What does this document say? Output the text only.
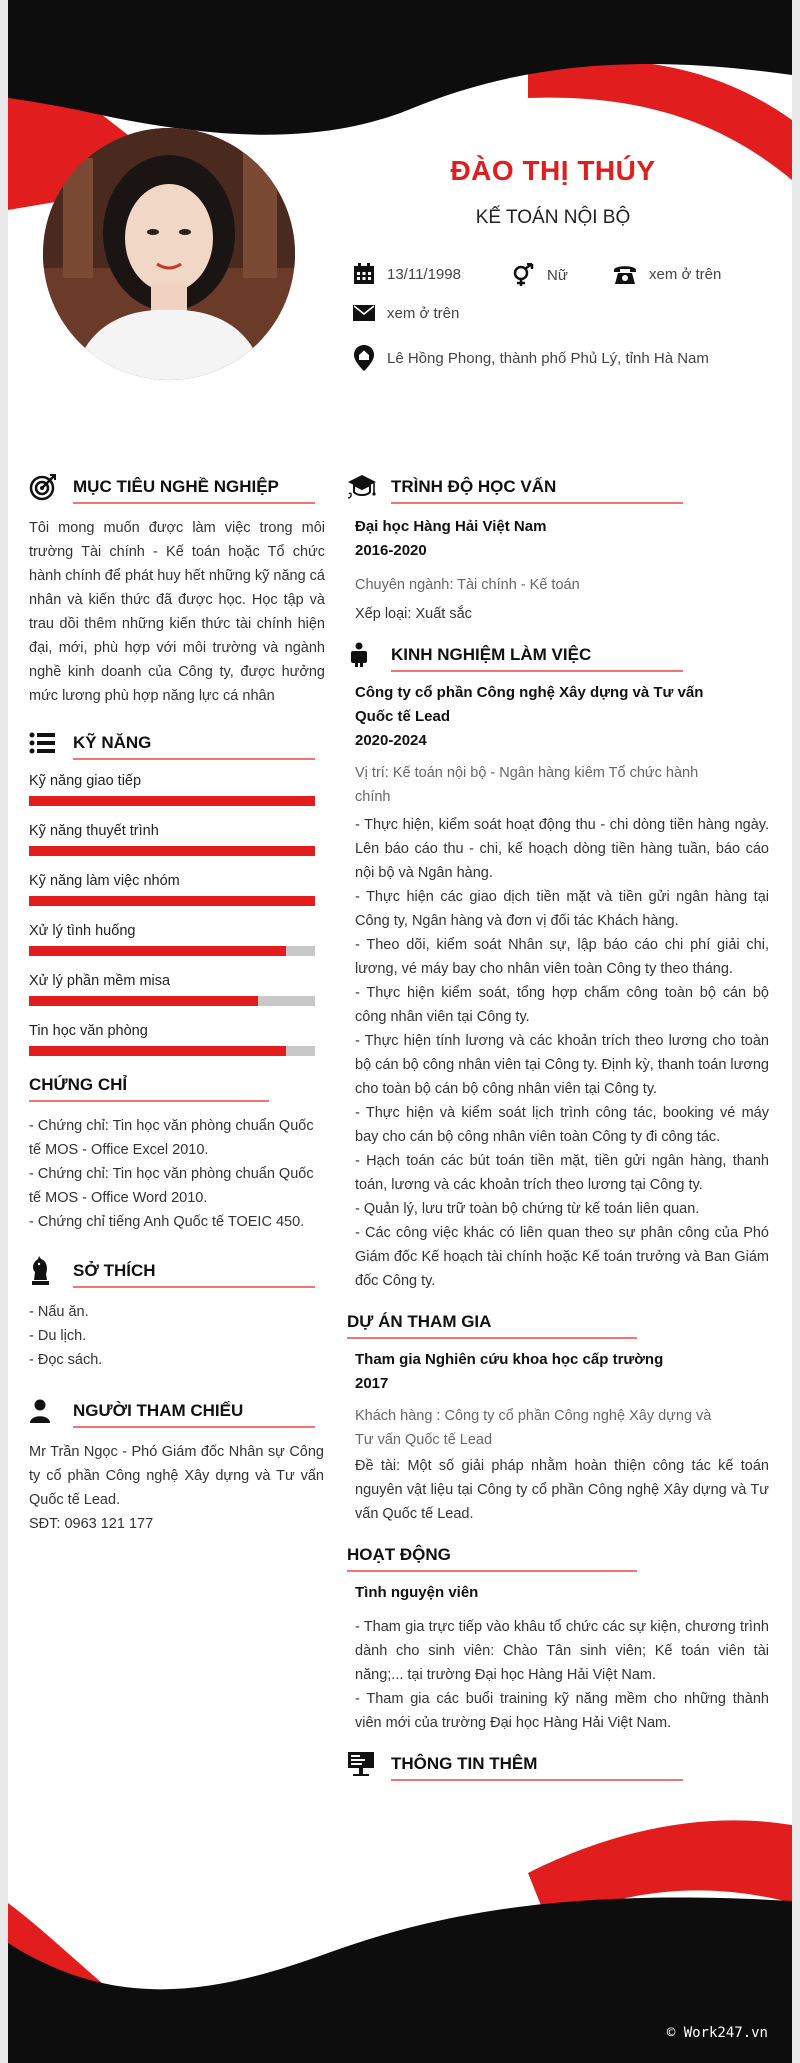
ĐÀO THỊ THÚY
KẾ TOÁN NỘI BỘ
13/11/1998	Nữ	xem ở trên
xem ở trên
Lê Hồng Phong, thành phố Phủ Lý, tỉnh Hà Nam
MỤC TIÊU NGHỀ NGHIỆP

Tôi mong muốn được làm việc trong môi trường Tài chính - Kế toán hoặc Tổ chức hành chính để phát huy hết những kỹ năng cá nhân và kiến thức đã được học. Học tập và trau dồi thêm những kiến thức tài chính hiện đại, mới, phù hợp với môi trường và ngành nghề kinh doanh của Công ty, được hưởng mức lương phù hợp năng lực cá nhân

KỸ NĂNG
Kỹ năng giao tiếp
Kỹ năng thuyết trình
Kỹ năng làm việc nhóm
Xử lý tình huống
Xử lý phần mềm misa
Tin học văn phòng
CHỨNG CHỈ

- Chứng chỉ: Tin học văn phòng chuẩn Quốc tế MOS - Office Excel 2010.

- Chứng chỉ: Tin học văn phòng chuẩn Quốc tế MOS - Office Word 2010.

- Chứng chỉ tiếng Anh Quốc tế TOEIC 450.

SỞ THÍCH

- Nấu ăn.

- Du lịch.

- Đọc sách.

NGƯỜI THAM CHIẾU

Mr Trần Ngọc - Phó Giám đốc Nhân sự Công ty cổ phần Công nghệ Xây dựng và Tư vấn Quốc tế Lead.

SĐT: 0963 121 177

TRÌNH ĐỘ HỌC VẤN

Đại học Hàng Hải Việt Nam

2016-2020

Chuyên ngành: Tài chính - Kế toán

Xếp loại: Xuất sắc

KINH NGHIỆM LÀM VIỆC

Công ty cổ phần Công nghệ Xây dựng và Tư vấn Quốc tế Lead

2020-2024

Vị trí: Kế toán nội bộ - Ngân hàng kiêm Tổ chức hành chính

- Thực hiện, kiểm soát hoạt động thu - chi dòng tiền hàng ngày. Lên báo cáo thu - chi, kế hoạch dòng tiền hàng tuần, báo cáo nội bộ và Ngân hàng.

- Thực hiện các giao dịch tiền mặt và tiền gửi ngân hàng tại Công ty, Ngân hàng và đơn vị đối tác Khách hàng.

- Theo dõi, kiểm soát Nhân sự, lập báo cáo chi phí giải chi, lương, vé máy bay cho nhân viên toàn Công ty theo tháng.

- Thực hiện kiểm soát, tổng hợp chấm công toàn bộ cán bộ công nhân viên tại Công ty.

- Thực hiện tính lương và các khoản trích theo lương cho toàn bộ cán bộ công nhân viên tại Công ty. Định kỳ, thanh toán lương cho toàn bộ cán bộ công nhân viên tại Công ty.

- Thực hiện và kiểm soát lịch trình công tác, booking vé máy bay cho cán bộ công nhân viên toàn Công ty đi công tác.

- Hạch toán các bút toán tiền mặt, tiền gửi ngân hàng, thanh toán, lương và các khoản trích theo lương tại Công ty.

- Quản lý, lưu trữ toàn bộ chứng từ kế toán liên quan.

- Các công việc khác có liên quan theo sự phân công của Phó Giám đốc Kế hoạch tài chính hoặc Kế toán trưởng và Ban Giám đốc Công ty.

DỰ ÁN THAM GIA

Tham gia Nghiên cứu khoa học cấp trường

2017

Khách hàng : Công ty cổ phần Công nghệ Xây dựng và Tư vấn Quốc tế Lead

Đề tài: Một số giải pháp nhằm hoàn thiện công tác kế toán nguyên vật liệu tại Công ty cổ phần Công nghệ Xây dựng và Tư vấn Quốc tế Lead.

HOẠT ĐỘNG

Tình nguyện viên

- Tham gia trực tiếp vào khâu tổ chức các sự kiện, chương trình dành cho sinh viên: Chào Tân sinh viên; Kế toán viên tài năng;... tại trường Đại học Hàng Hải Việt Nam.

- Tham gia các buổi training kỹ năng mềm cho những thành viên mới của trường Đại học Hàng Hải Việt Nam.

THÔNG TIN THÊM
© Work247.vn
